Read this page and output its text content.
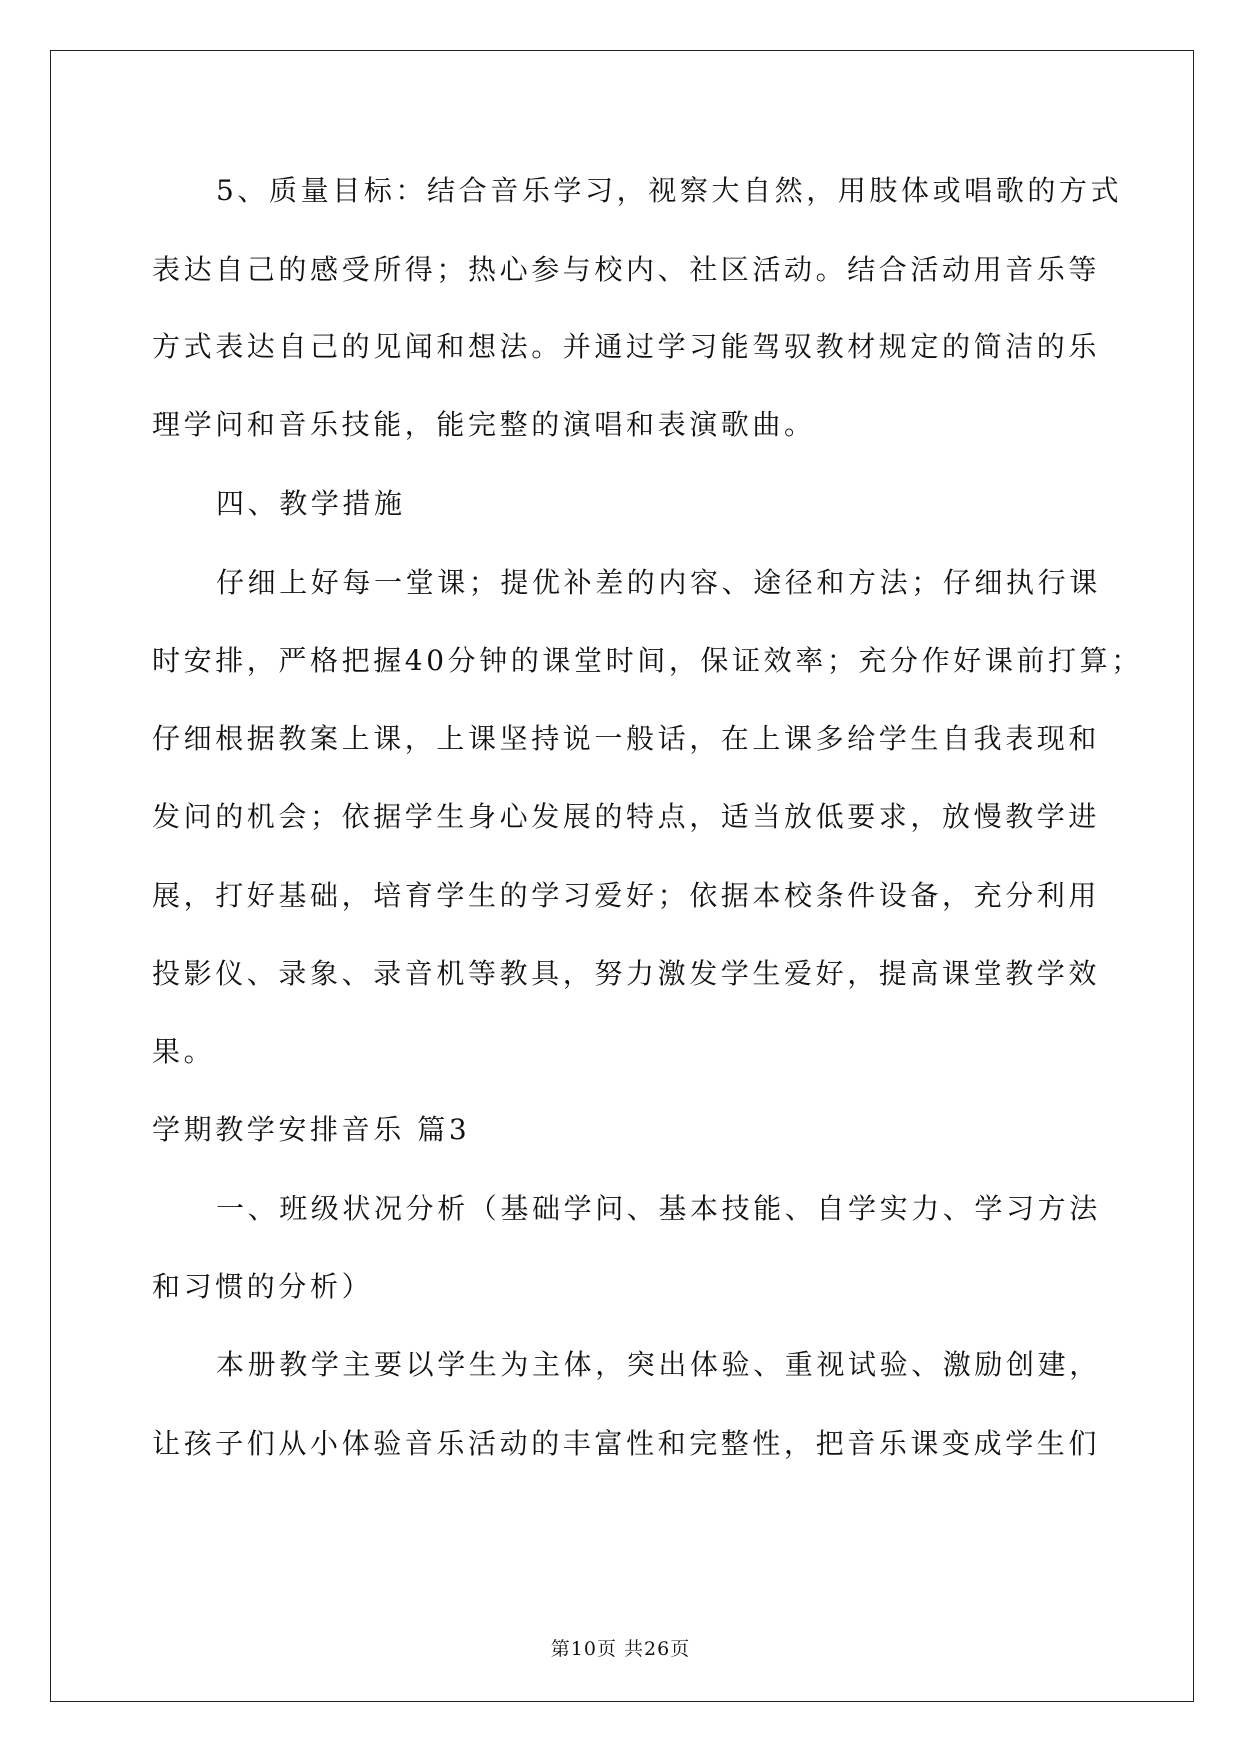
5、质量目标：结合音乐学习，视察大自然，用肢体或唱歌的方式
表达自己的感受所得；热心参与校内、社区活动。结合活动用音乐等
方式表达自己的见闻和想法。并通过学习能驾驭教材规定的简洁的乐
理学问和音乐技能，能完整的演唱和表演歌曲。
四、教学措施
仔细上好每一堂课；提优补差的内容、途径和方法；仔细执行课
时安排，严格把握40分钟的课堂时间，保证效率；充分作好课前打算；
仔细根据教案上课，上课坚持说一般话，在上课多给学生自我表现和
发问的机会；依据学生身心发展的特点，适当放低要求，放慢教学进
展，打好基础，培育学生的学习爱好；依据本校条件设备，充分利用
投影仪、录象、录音机等教具，努力激发学生爱好，提高课堂教学效
果。
学期教学安排音乐 篇3
一、班级状况分析（基础学问、基本技能、自学实力、学习方法
和习惯的分析）
本册教学主要以学生为主体，突出体验、重视试验、激励创建，
让孩子们从小体验音乐活动的丰富性和完整性，把音乐课变成学生们
第10页 共26页
